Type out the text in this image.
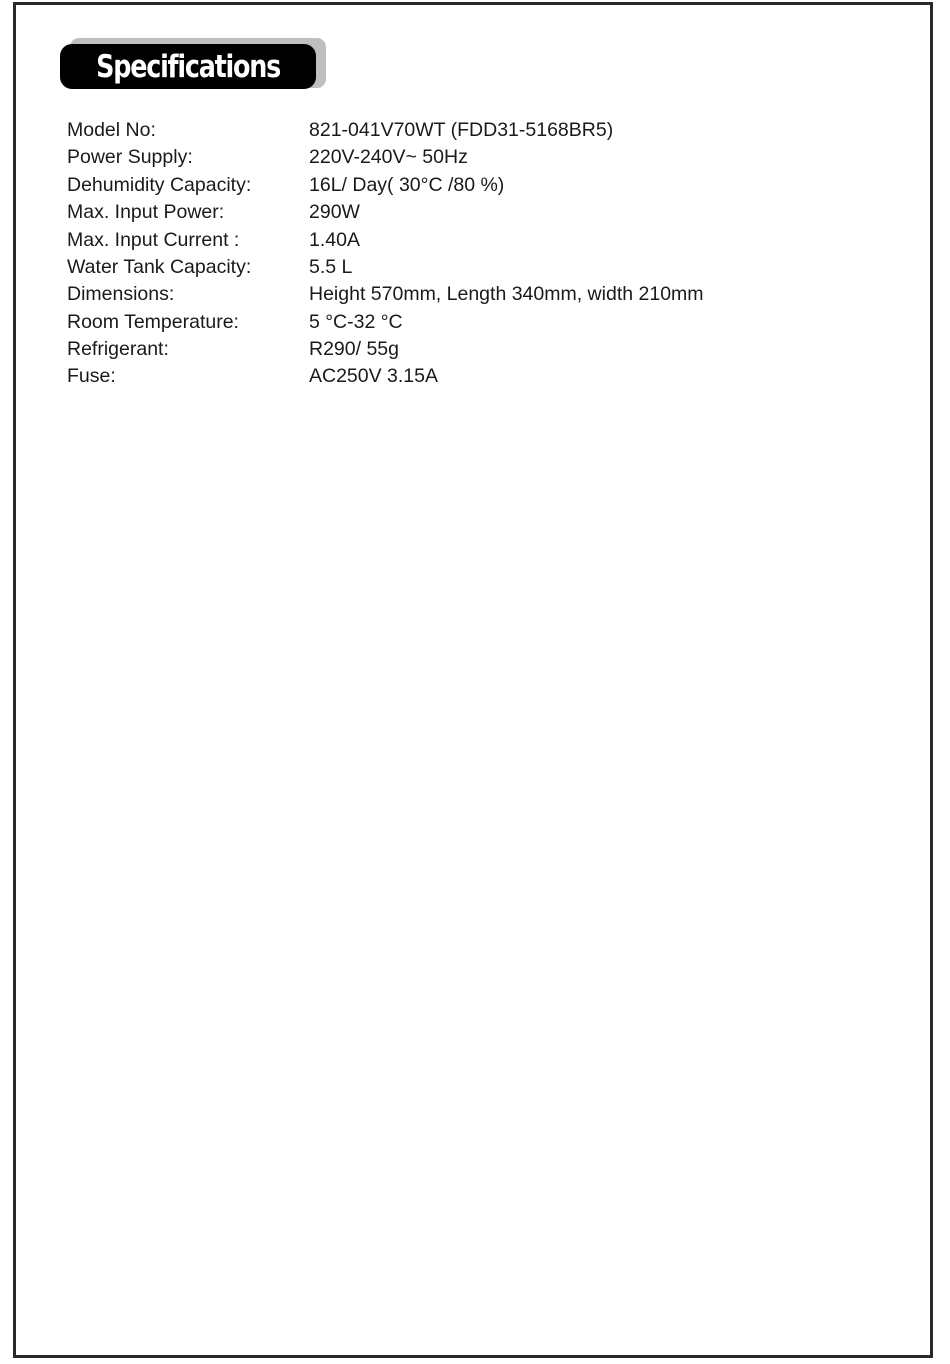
Specifications
Model No:	821-041V70WT (FDD31-5168BR5)
Power Supply:	220V-240V~ 50Hz
Dehumidity Capacity:	16L/ Day( 30°C /80 %)
Max. Input Power:	290W
Max. Input Current :	1.40A
Water Tank Capacity:	5.5 L
Dimensions:	Height 570mm, Length 340mm, width 210mm
Room Temperature:	5 °C-32 °C
Refrigerant:	R290/ 55g
Fuse:	AC250V 3.15A
